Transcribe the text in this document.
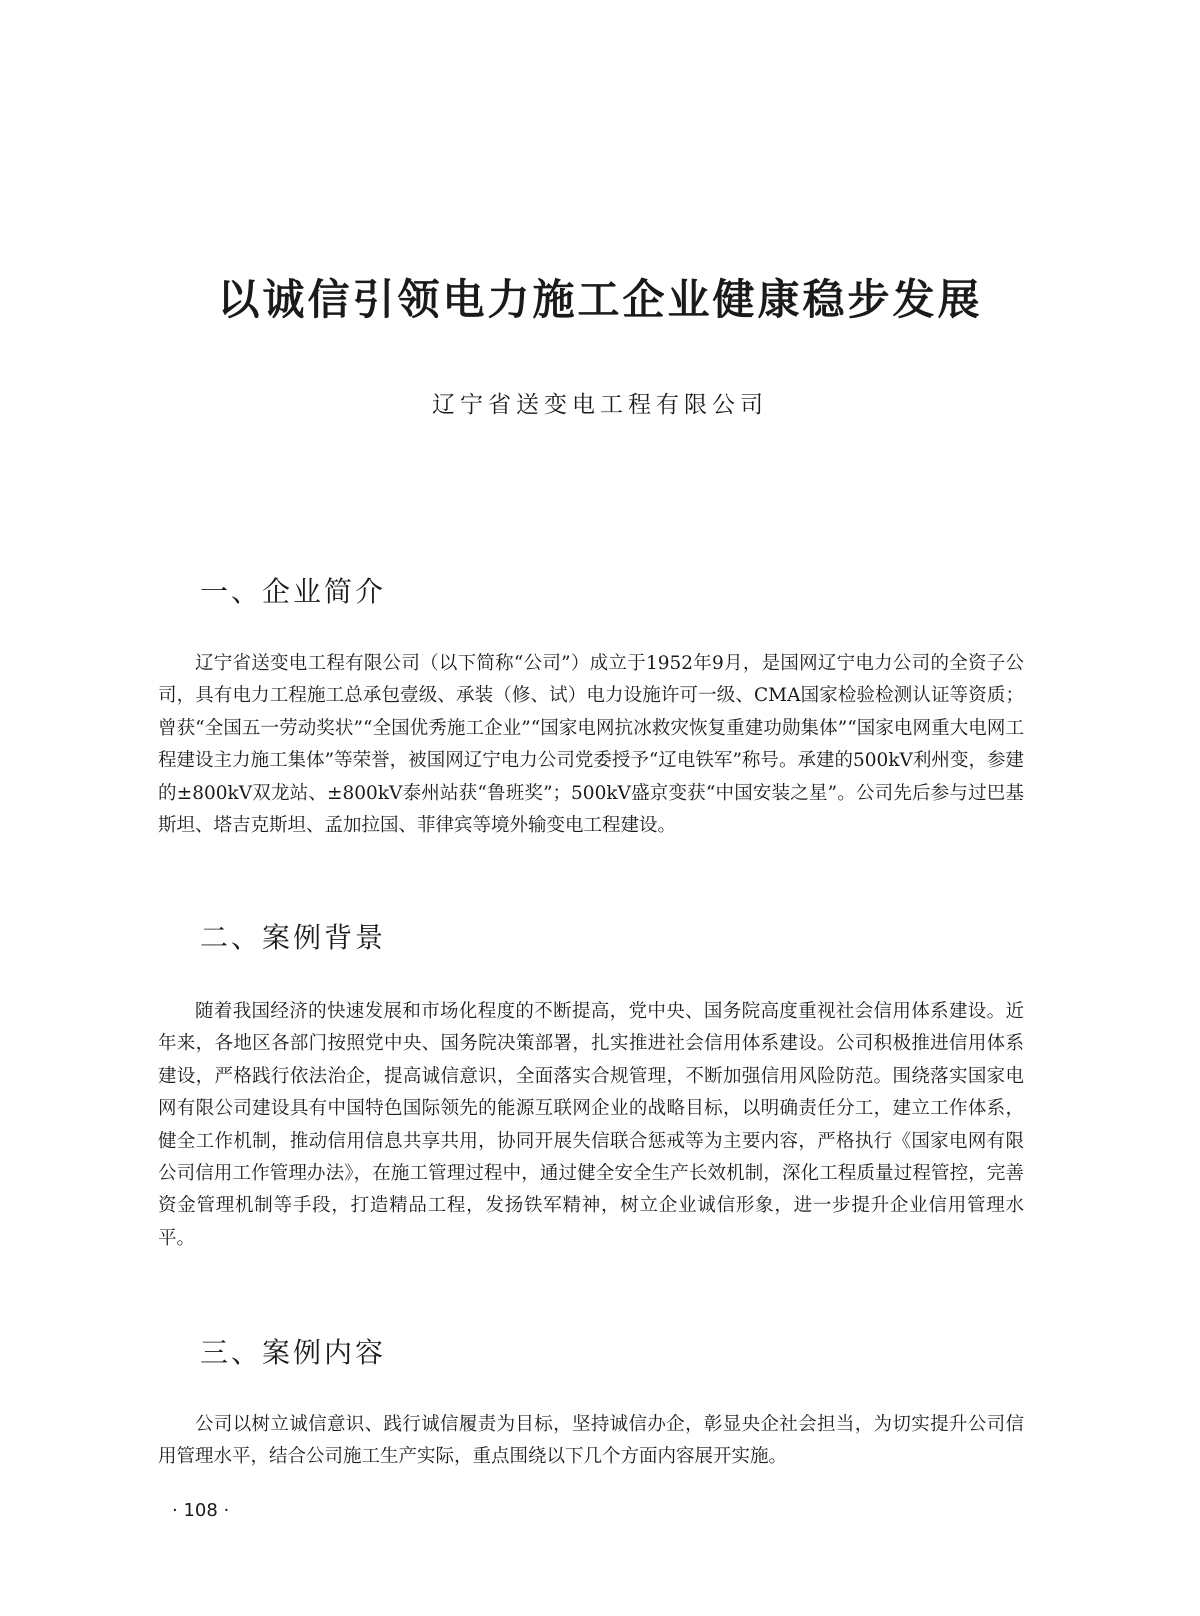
以诚信引领电力施工企业健康稳步发展
辽宁省送变电工程有限公司
一、企业简介

辽宁省送变电工程有限公司（以下简称“公司”）成立于1952年9月，是国网辽宁电力公司的全资子公司，具有电力工程施工总承包壹级、承装（修、试）电力设施许可一级、CMA国家检验检测认证等资质；曾获“全国五一劳动奖状”“全国优秀施工企业”“国家电网抗冰救灾恢复重建功勋集体”“国家电网重大电网工程建设主力施工集体”等荣誉，被国网辽宁电力公司党委授予“辽电铁军”称号。承建的500kV利州变，参建的±800kV双龙站、±800kV泰州站获“鲁班奖”；500kV盛京变获“中国安装之星”。公司先后参与过巴基斯坦、塔吉克斯坦、孟加拉国、菲律宾等境外输变电工程建设。

二、案例背景

随着我国经济的快速发展和市场化程度的不断提高，党中央、国务院高度重视社会信用体系建设。近年来，各地区各部门按照党中央、国务院决策部署，扎实推进社会信用体系建设。公司积极推进信用体系建设，严格践行依法治企，提高诚信意识，全面落实合规管理，不断加强信用风险防范。围绕落实国家电网有限公司建设具有中国特色国际领先的能源互联网企业的战略目标，以明确责任分工，建立工作体系，健全工作机制，推动信用信息共享共用，协同开展失信联合惩戒等为主要内容，严格执行《国家电网有限公司信用工作管理办法》，在施工管理过程中，通过健全安全生产长效机制，深化工程质量过程管控，完善资金管理机制等手段，打造精品工程，发扬铁军精神，树立企业诚信形象，进一步提升企业信用管理水平。

三、案例内容

公司以树立诚信意识、践行诚信履责为目标，坚持诚信办企，彰显央企社会担当，为切实提升公司信用管理水平，结合公司施工生产实际，重点围绕以下几个方面内容展开实施。

· 108 ·
